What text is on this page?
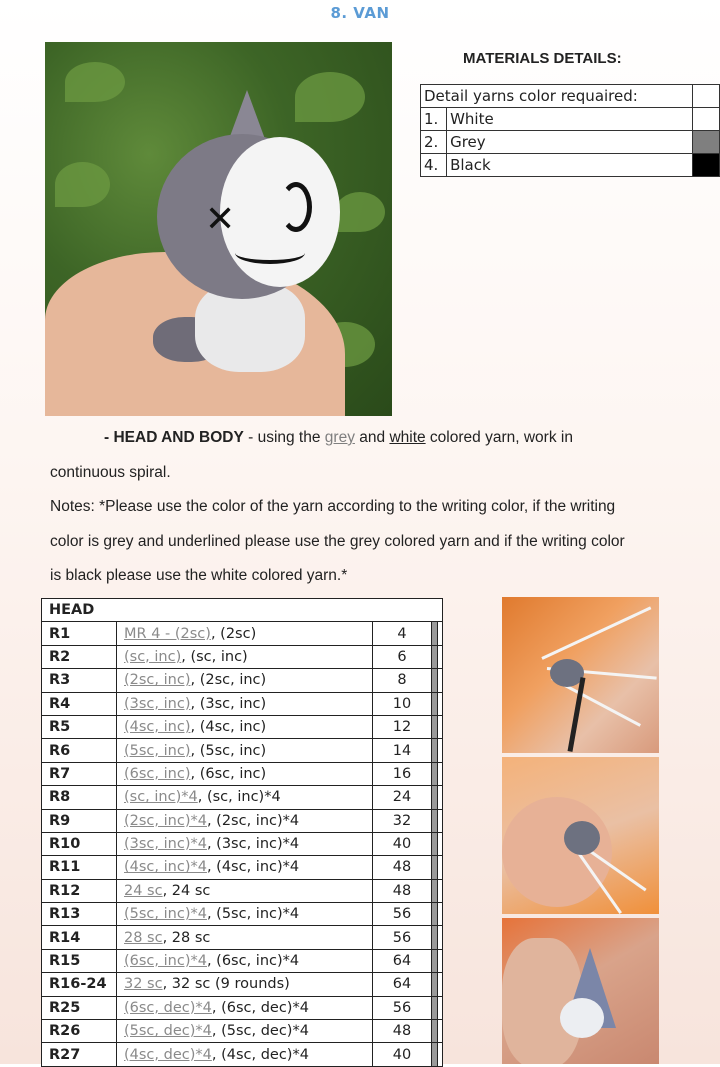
8. VAN
✕
MATERIALS DETAILS:
Detail yarns color requaired:		
1.	White	
2.	Grey	
4.	Black	
- HEAD AND BODY - using the grey and white colored yarn, work in
continuous spiral.
Notes: *Please use the color of the yarn according to the writing color, if the writing
color is grey and underlined please use the grey colored yarn and if the writing color
is black please use the white colored yarn.*
HEAD				
R1	MR 4 - (2sc), (2sc)	4		
R2	(sc, inc), (sc, inc)	6		
R3	(2sc, inc), (2sc, inc)	8		
R4	(3sc, inc), (3sc, inc)	10		
R5	(4sc, inc), (4sc, inc)	12		
R6	(5sc, inc), (5sc, inc)	14		
R7	(6sc, inc), (6sc, inc)	16		
R8	(sc, inc)*4, (sc, inc)*4	24		
R9	(2sc, inc)*4, (2sc, inc)*4	32		
R10	(3sc, inc)*4, (3sc, inc)*4	40		
R11	(4sc, inc)*4, (4sc, inc)*4	48		
R12	24 sc, 24 sc	48		
R13	(5sc, inc)*4, (5sc, inc)*4	56		
R14	28 sc, 28 sc	56		
R15	(6sc, inc)*4, (6sc, inc)*4	64		
R16-24	32 sc, 32 sc (9 rounds)	64		
R25	(6sc, dec)*4, (6sc, dec)*4	56		
R26	(5sc, dec)*4, (5sc, dec)*4	48		
R27	(4sc, dec)*4, (4sc, dec)*4	40		
